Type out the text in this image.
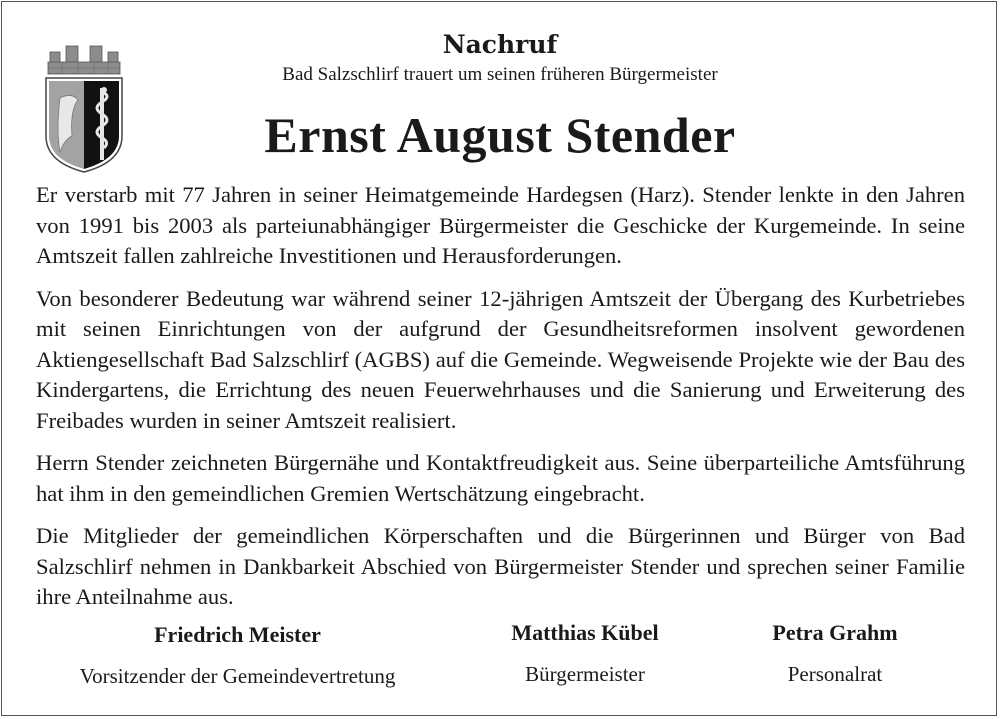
Nachruf
Bad Salzschlirf trauert um seinen früheren Bürgermeister
Ernst August Stender

Er verstarb mit 77 Jahren in seiner Heimatgemeinde Hardegsen (Harz). Stender lenkte in den Jahren von 1991 bis 2003 als parteiunabhängiger Bürgermeister die Geschicke der Kurgemeinde. In seine Amtszeit fallen zahlreiche Investitionen und Herausforderungen.

Von besonderer Bedeutung war während seiner 12-jährigen Amtszeit der Übergang des Kurbetriebes mit seinen Einrichtungen von der aufgrund der Gesundheitsreformen insolvent gewordenen Aktiengesellschaft Bad Salzschlirf (AGBS) auf die Gemeinde. Wegweisende Projekte wie der Bau des Kindergartens, die Errichtung des neuen Feuerwehrhauses und die Sanierung und Erweiterung des Freibades wurden in seiner Amtszeit realisiert.

Herrn Stender zeichneten Bürgernähe und Kontaktfreudigkeit aus. Seine überparteiliche Amtsführung hat ihm in den gemeindlichen Gremien Wertschätzung eingebracht.

Die Mitglieder der gemeindlichen Körperschaften und die Bürgerinnen und Bürger von Bad Salzschlirf nehmen in Dankbarkeit Abschied von Bürgermeister Stender und sprechen seiner Familie ihre Anteilnahme aus.

Friedrich Meister
Vorsitzender der Gemeindevertretung
Matthias Kübel
Bürgermeister
Petra Grahm
Personalrat
